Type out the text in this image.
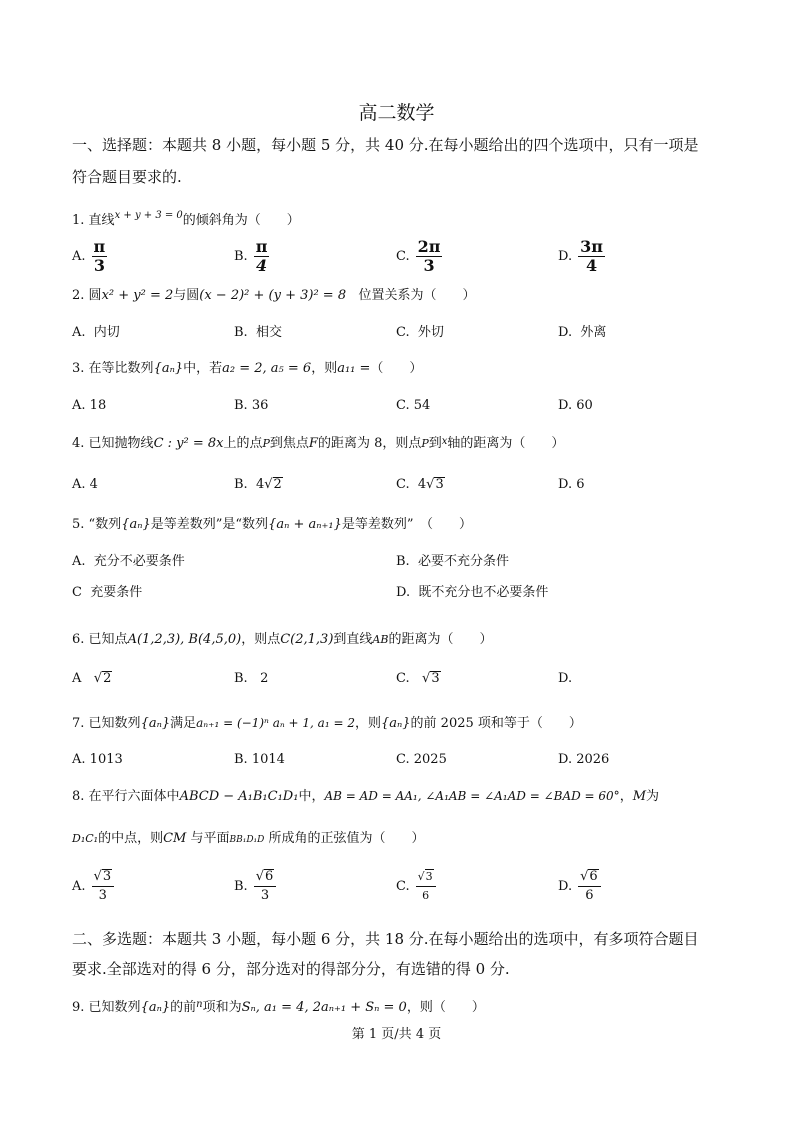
高二数学
一、选择题：本题共 8 小题，每小题 5 分，共 40 分.在每小题给出的四个选项中，只有一项是
符合题目要求的.
1. 直线$^{x + y + 3 = 0}$的倾斜角为（　　）
A. $\frac{\pi}{3}$	B. $\frac{\pi}{4}$	C. $\frac{2\pi}{3}$	D. $\frac{3\pi}{4}$
2. 圆x² + y² = 2与圆(x − 2)² + (y + 3)² = 8 位置关系为（　　）
A. 内切	B. 相交	C. 外切	D. 外离
3. 在等比数列{aₙ}中，若a₂ = 2, a₅ = 6，则a₁₁ =（　　）
A. 18	B. 36	C. 54	D. 60
4. 已知抛物线C : y² = 8x上的点P到焦点F的距离为 8，则点P到$^x$轴的距离为（　　）
A. 4	B. 4√2	C. 4√3	D. 6
5. “数列{aₙ}是等差数列”是“数列{aₙ + aₙ₊₁}是等差数列”　（　　）
A. 充分不必要条件	B. 必要不充分条件
C 充要条件	D. 既不充分也不必要条件
6. 已知点A(1,2,3), B(4,5,0)，则点C(2,1,3)到直线AB的距离为（　　）
A √2	B. 2	C. √3	D.
7. 已知数列{aₙ}满足aₙ₊₁ = (−1)ⁿ aₙ + 1, a₁ = 2，则{aₙ}的前 2025 项和等于（　　）
A. 1013	B. 1014	C. 2025	D. 2026
8. 在平行六面体中ABCD − A₁B₁C₁D₁中，AB = AD = AA₁, ∠A₁AB = ∠A₁AD = ∠BAD = 60°，M为
D₁C₁的中点，则CM 与平面BB₁D₁D 所成角的正弦值为（　　）
A. $\frac{√3}{3}$	B. $\frac{√6}{3}$	C. $\frac{√3}{6}$	D. $\frac{√6}{6}$
二、多选题：本题共 3 小题，每小题 6 分，共 18 分.在每小题给出的选项中，有多项符合题目
要求.全部选对的得 6 分，部分选对的得部分分，有选错的得 0 分.
9. 已知数列{aₙ}的前$^n$项和为Sₙ, a₁ = 4, 2aₙ₊₁ + Sₙ = 0，则（　　）
第 1 页/共 4 页
